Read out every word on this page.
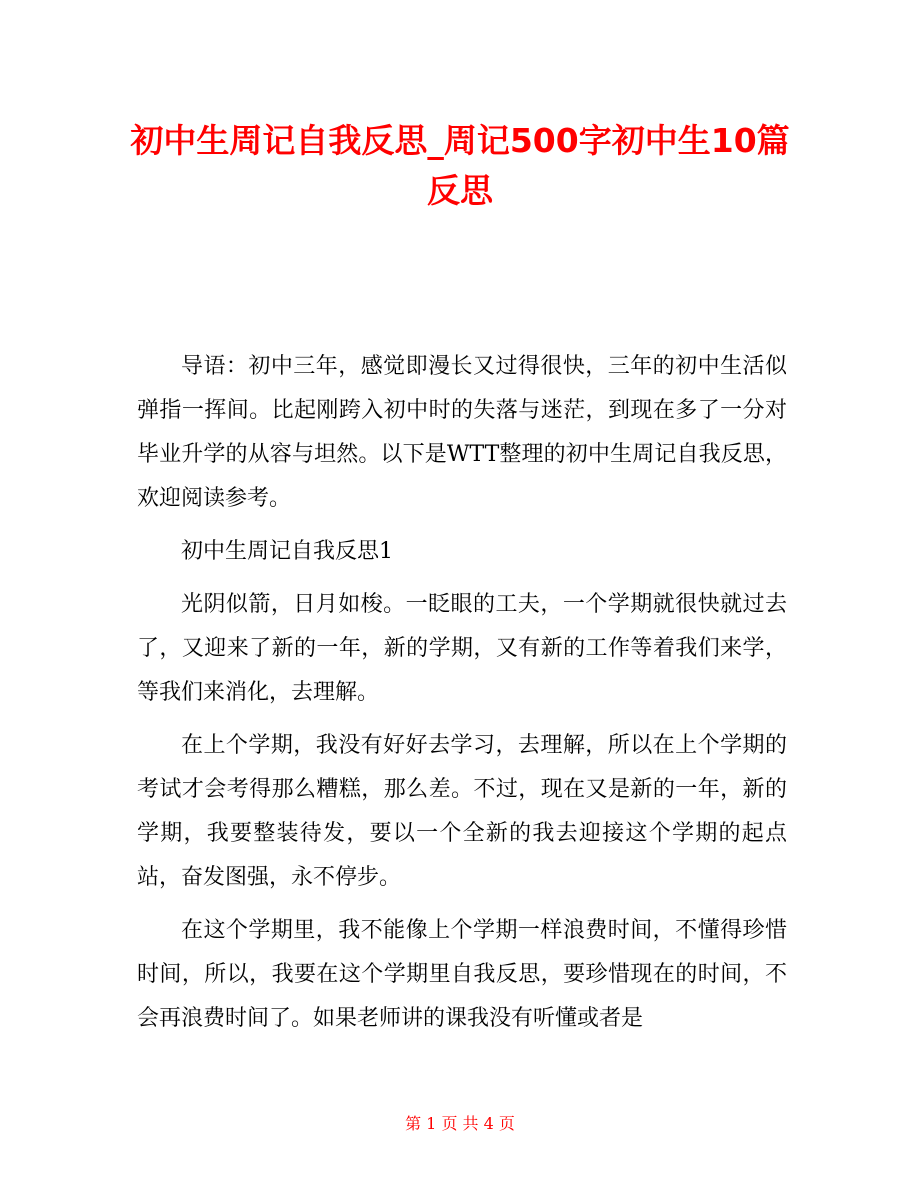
初中生周记自我反思_周记500字初中生10篇反思

导语：初中三年，感觉即漫长又过得很快，三年的初中生活似弹指一挥间。比起刚跨入初中时的失落与迷茫，到现在多了一分对毕业升学的从容与坦然。以下是WTT整理的初中生周记自我反思，欢迎阅读参考。

初中生周记自我反思1

光阴似箭，日月如梭。一眨眼的工夫，一个学期就很快就过去了，又迎来了新的一年，新的学期，又有新的工作等着我们来学，等我们来消化，去理解。

在上个学期，我没有好好去学习，去理解，所以在上个学期的考试才会考得那么糟糕，那么差。不过，现在又是新的一年，新的学期，我要整装待发，要以一个全新的我去迎接这个学期的起点站，奋发图强，永不停步。

在这个学期里，我不能像上个学期一样浪费时间，不懂得珍惜时间，所以，我要在这个学期里自我反思，要珍惜现在的时间，不会再浪费时间了。如果老师讲的课我没有听懂或者是

第 1 页 共 4 页
